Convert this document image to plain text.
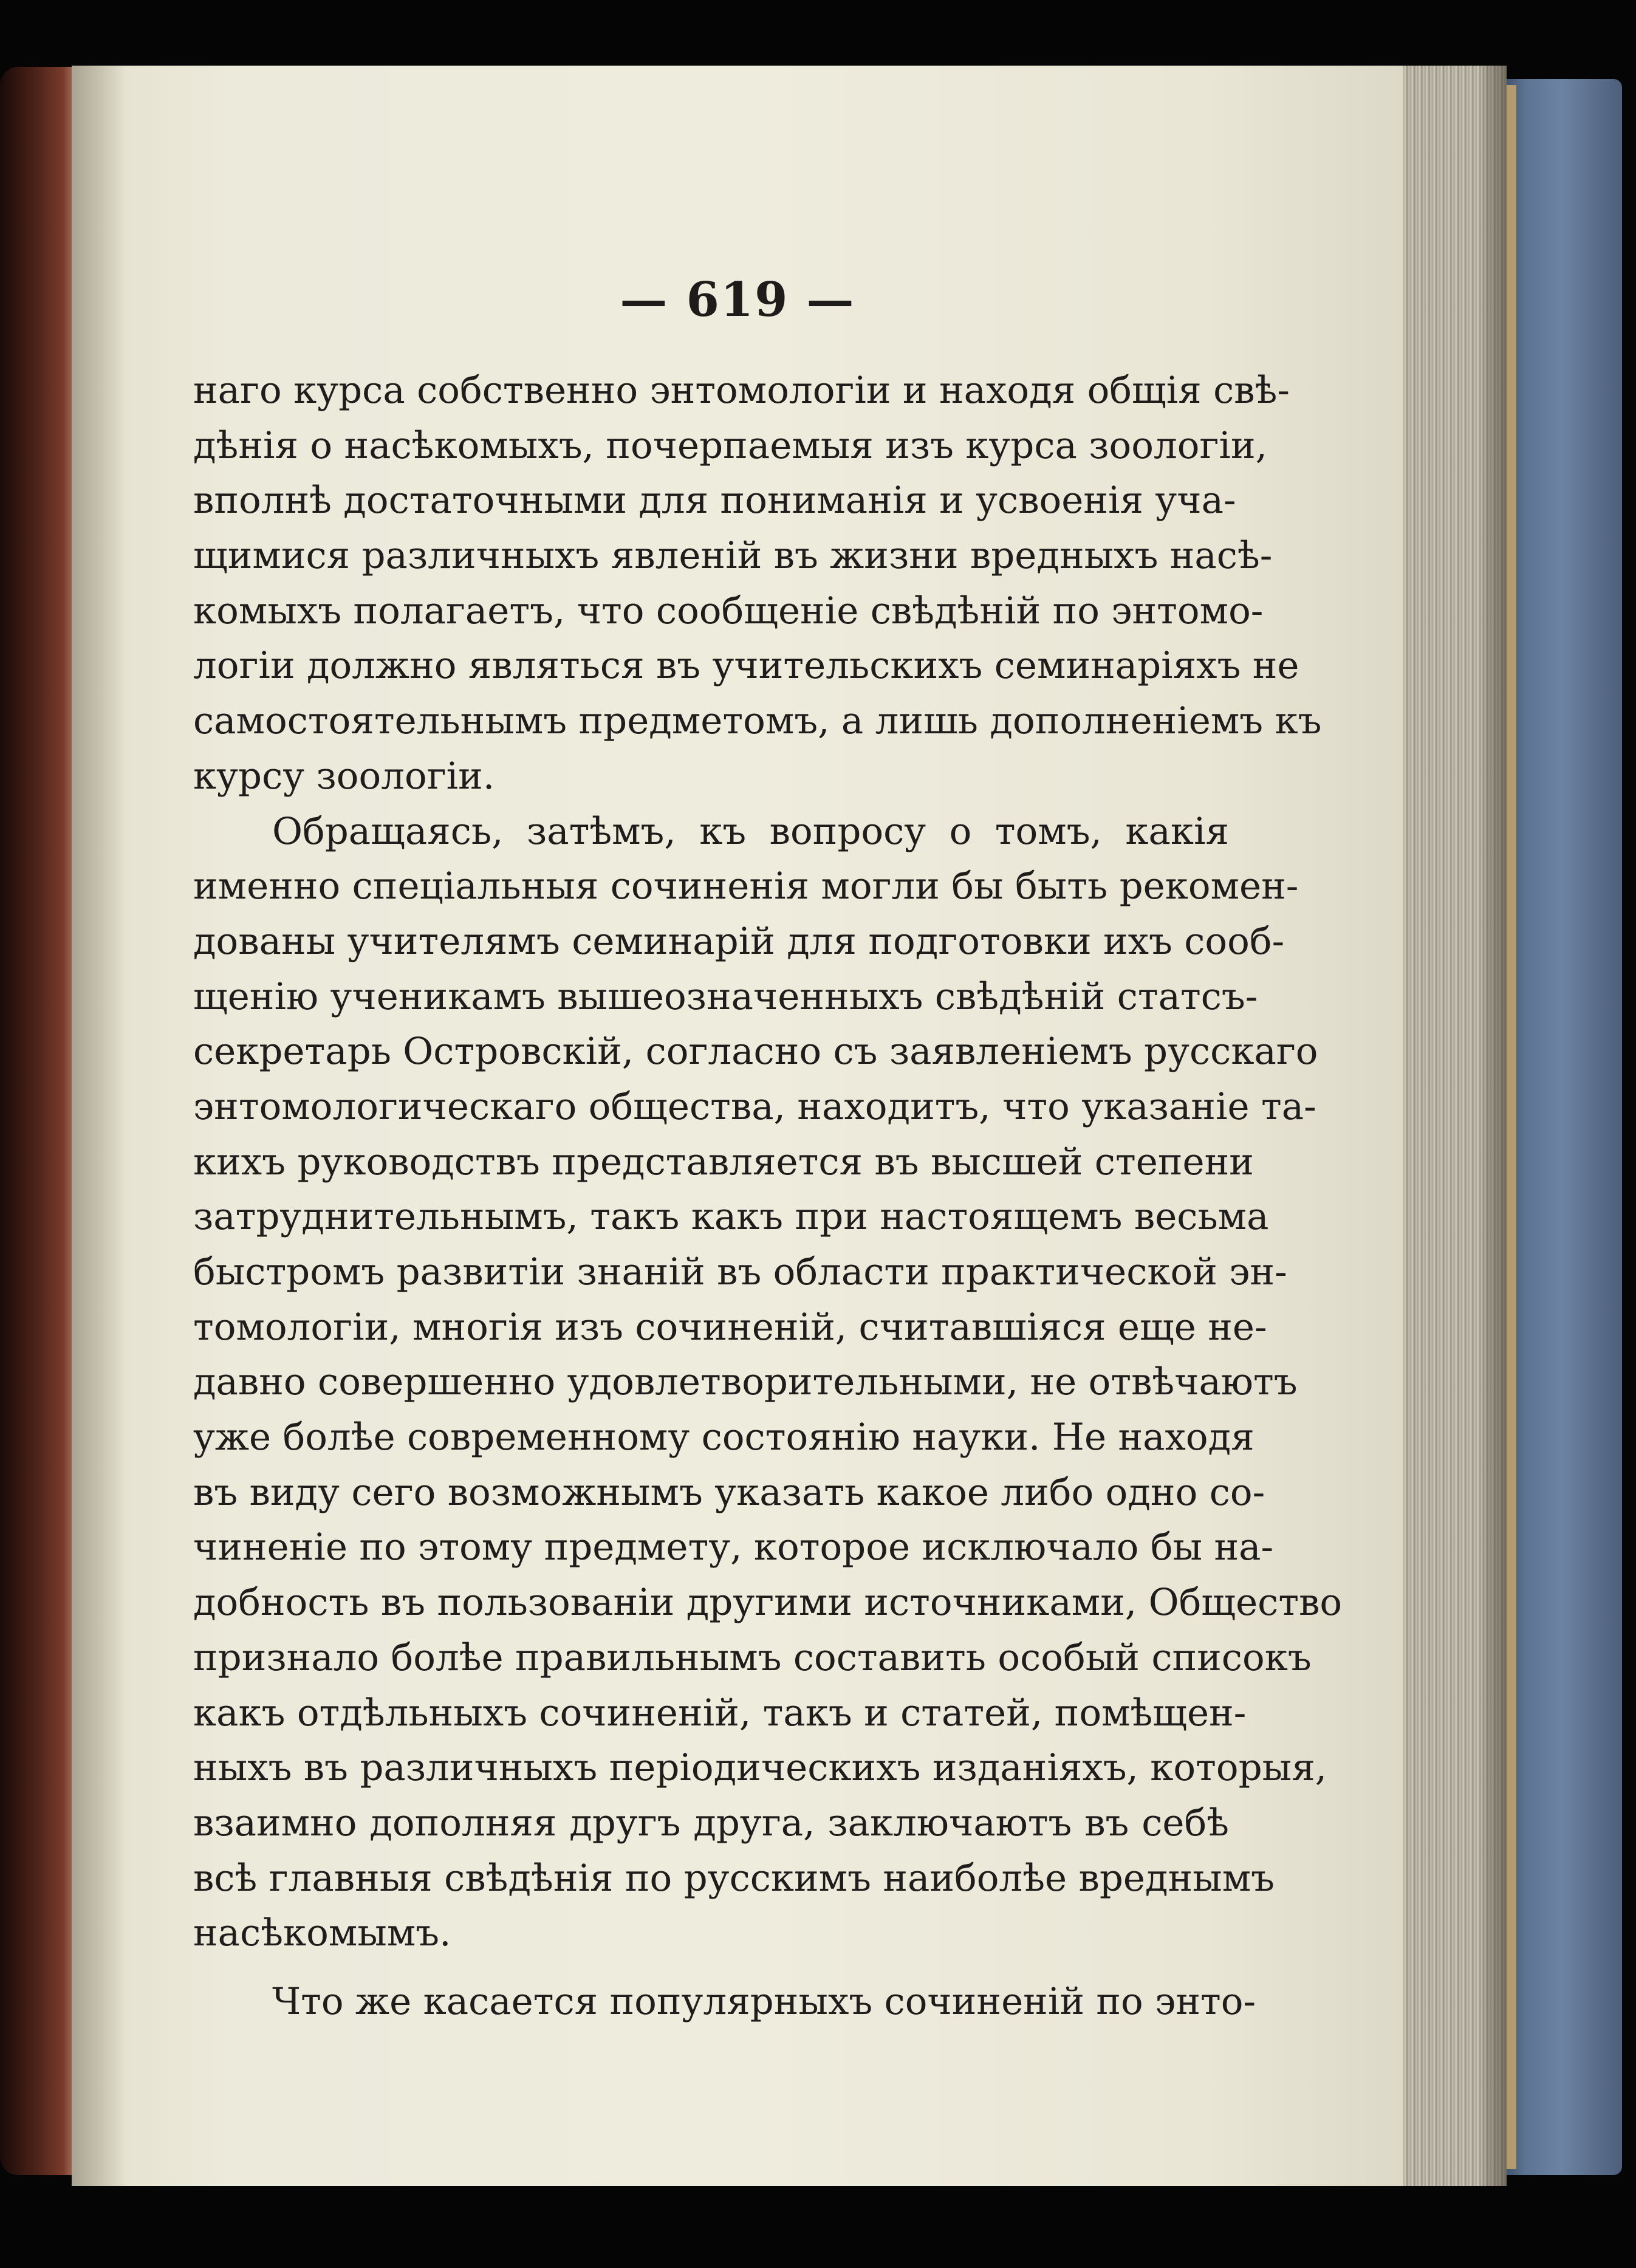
— 619 —
наго курса собственно энтомологіи и находя общія свѣ-
дѣнія о насѣкомыхъ, почерпаемыя изъ курса зоологіи,
вполнѣ достаточными для пониманія и усвоенія уча-
щимися различныхъ явленій въ жизни вредныхъ насѣ-
комыхъ полагаетъ, что сообщеніе свѣдѣній по энтомо-
логіи должно являться въ учительскихъ семинаріяхъ не
самостоятельнымъ предметомъ, а лишь дополненіемъ къ
курсу зоологіи.
Обращаясь, затѣмъ, къ вопросу о томъ, какія
именно спеціальныя сочиненія могли бы быть рекомен-
дованы учителямъ семинарій для подготовки ихъ сооб-
щенію ученикамъ вышеозначенныхъ свѣдѣній статсъ-
секретарь Островскій, согласно съ заявленіемъ русскаго
энтомологическаго общества, находитъ, что указаніе та-
кихъ руководствъ представляется въ высшей степени
затруднительнымъ, такъ какъ при настоящемъ весьма
быстромъ развитіи знаній въ области практической эн-
томологіи, многія изъ сочиненій, считавшіяся еще не-
давно совершенно удовлетворительными, не отвѣчаютъ
уже болѣе современному состоянію науки. Не находя
въ виду сего возможнымъ указать какое либо одно со-
чиненіе по этому предмету, которое исключало бы на-
добность въ пользованіи другими источниками, Общество
признало болѣе правильнымъ составить особый списокъ
какъ отдѣльныхъ сочиненій, такъ и статей, помѣщен-
ныхъ въ различныхъ періодическихъ изданіяхъ, которыя,
взаимно дополняя другъ друга, заключаютъ въ себѣ
всѣ главныя свѣдѣнія по русскимъ наиболѣе вреднымъ
насѣкомымъ.
Что же касается популярныхъ сочиненій по энто-
